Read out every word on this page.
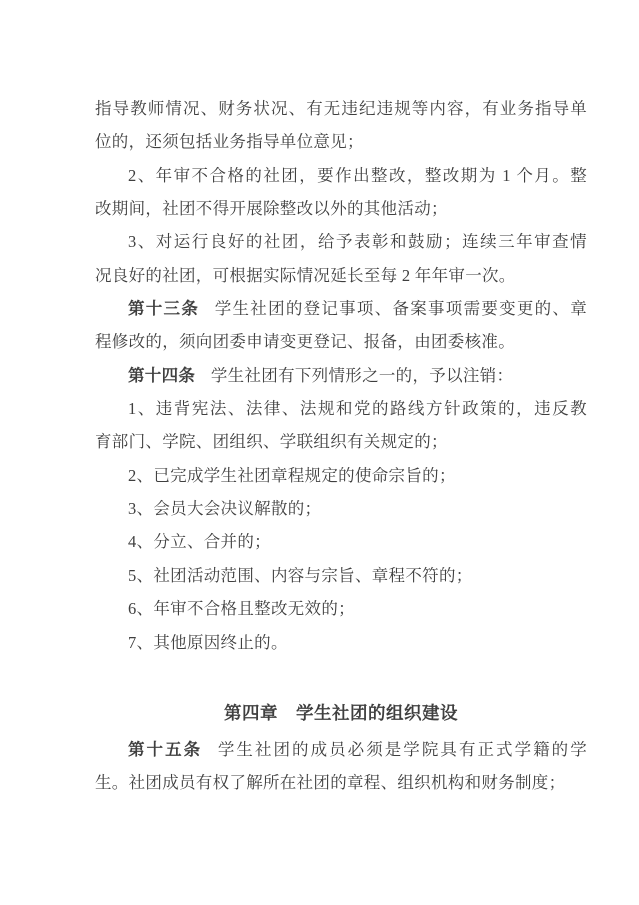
指导教师情况、财务状况、有无违纪违规等内容，有业务指导单
位的，还须包括业务指导单位意见；
2、年审不合格的社团，要作出整改，整改期为 1 个月。整
改期间，社团不得开展除整改以外的其他活动；
3、对运行良好的社团，给予表彰和鼓励；连续三年审查情
况良好的社团，可根据实际情况延长至每 2 年年审一次。
第十三条 学生社团的登记事项、备案事项需要变更的、章
程修改的，须向团委申请变更登记、报备，由团委核准。
第十四条 学生社团有下列情形之一的，予以注销：
1、违背宪法、法律、法规和党的路线方针政策的，违反教
育部门、学院、团组织、学联组织有关规定的；
2、已完成学生社团章程规定的使命宗旨的；
3、会员大会决议解散的；
4、分立、合并的；
5、社团活动范围、内容与宗旨、章程不符的；
6、年审不合格且整改无效的；
7、其他原因终止的。
第四章　学生社团的组织建设
第十五条 学生社团的成员必须是学院具有正式学籍的学
生。社团成员有权了解所在社团的章程、组织机构和财务制度；
